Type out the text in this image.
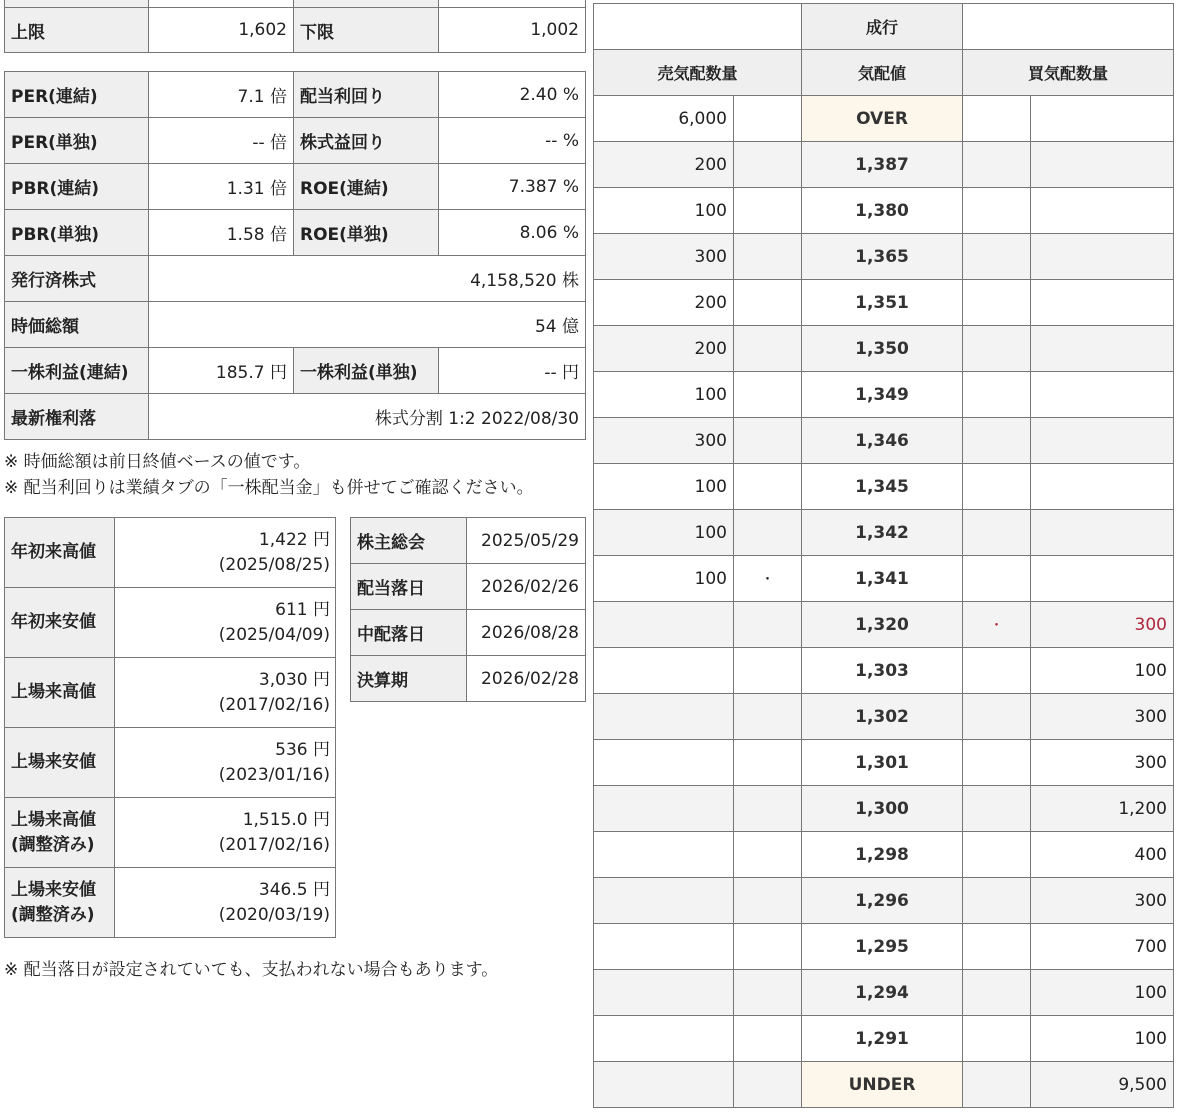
上限	1,602	下限	1,002
PER(連結)	7.1 倍	配当利回り	2.40 %
PER(単独)	-- 倍	株式益回り	-- %
PBR(連結)	1.31 倍	ROE(連結)	7.387 %
PBR(単独)	1.58 倍	ROE(単独)	8.06 %
発行済株式	4,158,520 株		
時価総額	54 億		
一株利益(連結)	185.7 円	一株利益(単独)	-- 円
最新権利落	株式分割 1:2 2022/08/30		
※ 時価総額は前日終値ベースの値です。
※ 配当利回りは業績タブの「一株配当金」も併せてご確認ください。
年初来高値	1,422 円
(2025/08/25)
年初来安値	611 円
(2025/04/09)
上場来高値	3,030 円
(2017/02/16)
上場来安値	536 円
(2023/01/16)
上場来高値
(調整済み)	1,515.0 円
(2017/02/16)
上場来安値
(調整済み)	346.5 円
(2020/03/19)
株主総会	2025/05/29
配当落日	2026/02/26
中配落日	2026/08/28
決算期	2026/02/28
※ 配当落日が設定されていても、支払われない場合もあります。
		成行		
売気配数量		気配値	買気配数量	
6,000		OVER		
200		1,387		
100		1,380		
300		1,365		
200		1,351		
200		1,350		
100		1,349		
300		1,346		
100		1,345		
100		1,342		
100	・	1,341		
		1,320	・	300
		1,303		100
		1,302		300
		1,301		300
		1,300		1,200
		1,298		400
		1,296		300
		1,295		700
		1,294		100
		1,291		100
		UNDER		9,500
